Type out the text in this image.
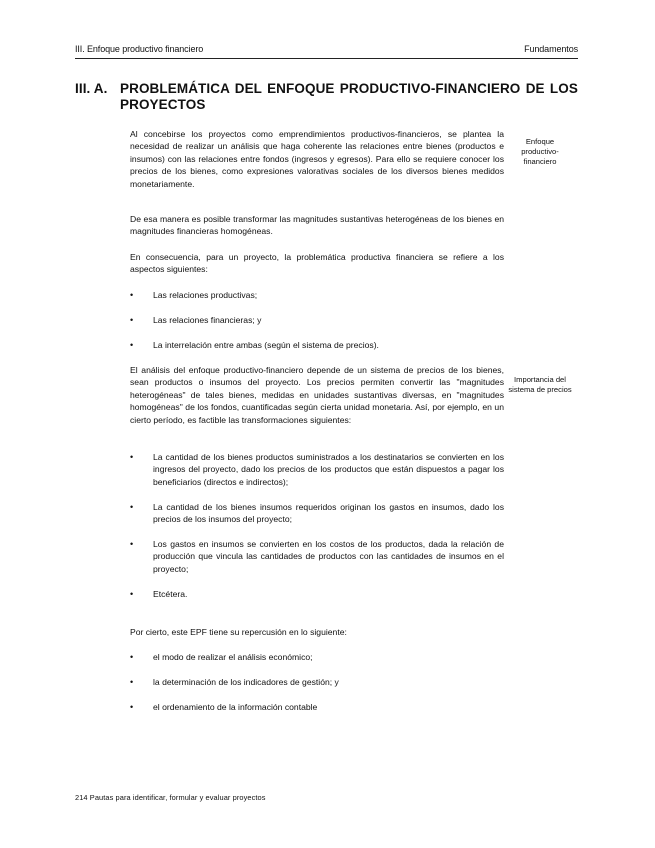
III. Enfoque productivo financiero	Fundamentos
III. A. PROBLEMÁTICA DEL ENFOQUE PRODUCTIVO-FINANCIERO DE LOS PROYECTOS

Al concebirse los proyectos como emprendimientos productivos-financieros, se plantea la necesidad de realizar un análisis que haga coherente las relaciones entre bienes (productos e insumos) con las relaciones entre fondos (ingresos y egresos). Para ello se requiere conocer los precios de los bienes, como expresiones valorativas sociales de los diversos bienes medidos monetariamente.

De esa manera es posible transformar las magnitudes sustantivas heterogéneas de los bienes en magnitudes financieras homogéneas.

En consecuencia, para un proyecto, la problemática productiva financiera se refiere a los aspectos siguientes:

• Las relaciones productivas;
• Las relaciones financieras; y
• La interrelación entre ambas (según el sistema de precios).

El análisis del enfoque productivo-financiero depende de un sistema de precios de los bienes, sean productos o insumos del proyecto. Los precios permiten convertir las "magnitudes heterogéneas" de tales bienes, medidas en unidades sustantivas diversas, en "magnitudes homogéneas" de los fondos, cuantificadas según cierta unidad monetaria. Así, por ejemplo, en un cierto período, es factible las transformaciones siguientes:

• La cantidad de los bienes productos suministrados a los destinatarios se convierten en los ingresos del proyecto, dado los precios de los productos que están dispuestos a pagar los beneficiarios (directos e indirectos);
• La cantidad de los bienes insumos requeridos originan los gastos en insumos, dado los precios de los insumos del proyecto;
• Los gastos en insumos se convierten en los costos de los productos, dada la relación de producción que vincula las cantidades de productos con las cantidades de insumos en el proyecto;
• Etcétera.

Por cierto, este EPF tiene su repercusión en lo siguiente:

• el modo de realizar el análisis económico;
• la determinación de los indicadores de gestión; y
• el ordenamiento de la información contable
Enfoque productivo-financiero
Importancia del sistema de precios
214 Pautas para identificar, formular y evaluar proyectos
